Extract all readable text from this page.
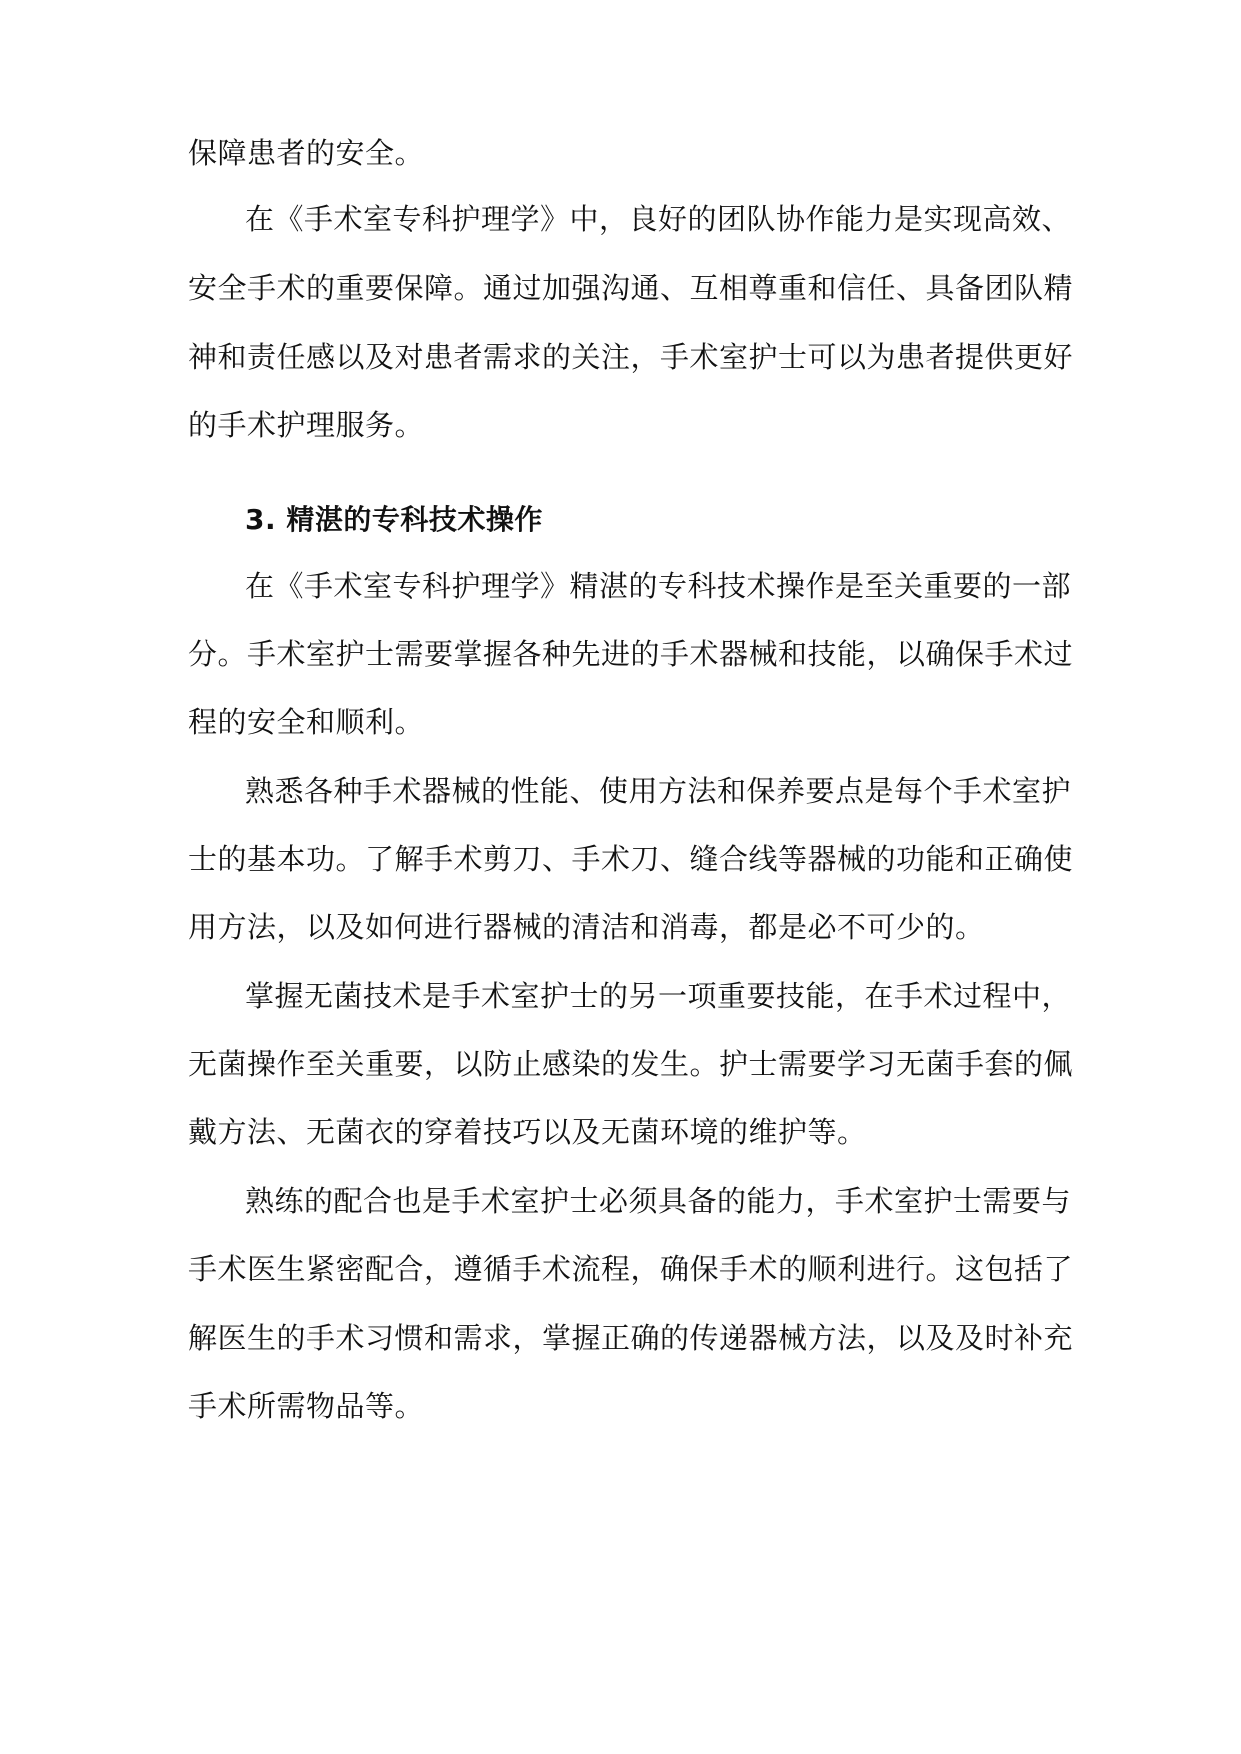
保障患者的安全。
在《手术室专科护理学》中，良好的团队协作能力是实现高效、
安全手术的重要保障。通过加强沟通、互相尊重和信任、具备团队精
神和责任感以及对患者需求的关注，手术室护士可以为患者提供更好
的手术护理服务。
3. 精湛的专科技术操作
在《手术室专科护理学》精湛的专科技术操作是至关重要的一部
分。手术室护士需要掌握各种先进的手术器械和技能，以确保手术过
程的安全和顺利。
熟悉各种手术器械的性能、使用方法和保养要点是每个手术室护
士的基本功。了解手术剪刀、手术刀、缝合线等器械的功能和正确使
用方法，以及如何进行器械的清洁和消毒，都是必不可少的。
掌握无菌技术是手术室护士的另一项重要技能，在手术过程中，
无菌操作至关重要，以防止感染的发生。护士需要学习无菌手套的佩
戴方法、无菌衣的穿着技巧以及无菌环境的维护等。
熟练的配合也是手术室护士必须具备的能力，手术室护士需要与
手术医生紧密配合，遵循手术流程，确保手术的顺利进行。这包括了
解医生的手术习惯和需求，掌握正确的传递器械方法，以及及时补充
手术所需物品等。
